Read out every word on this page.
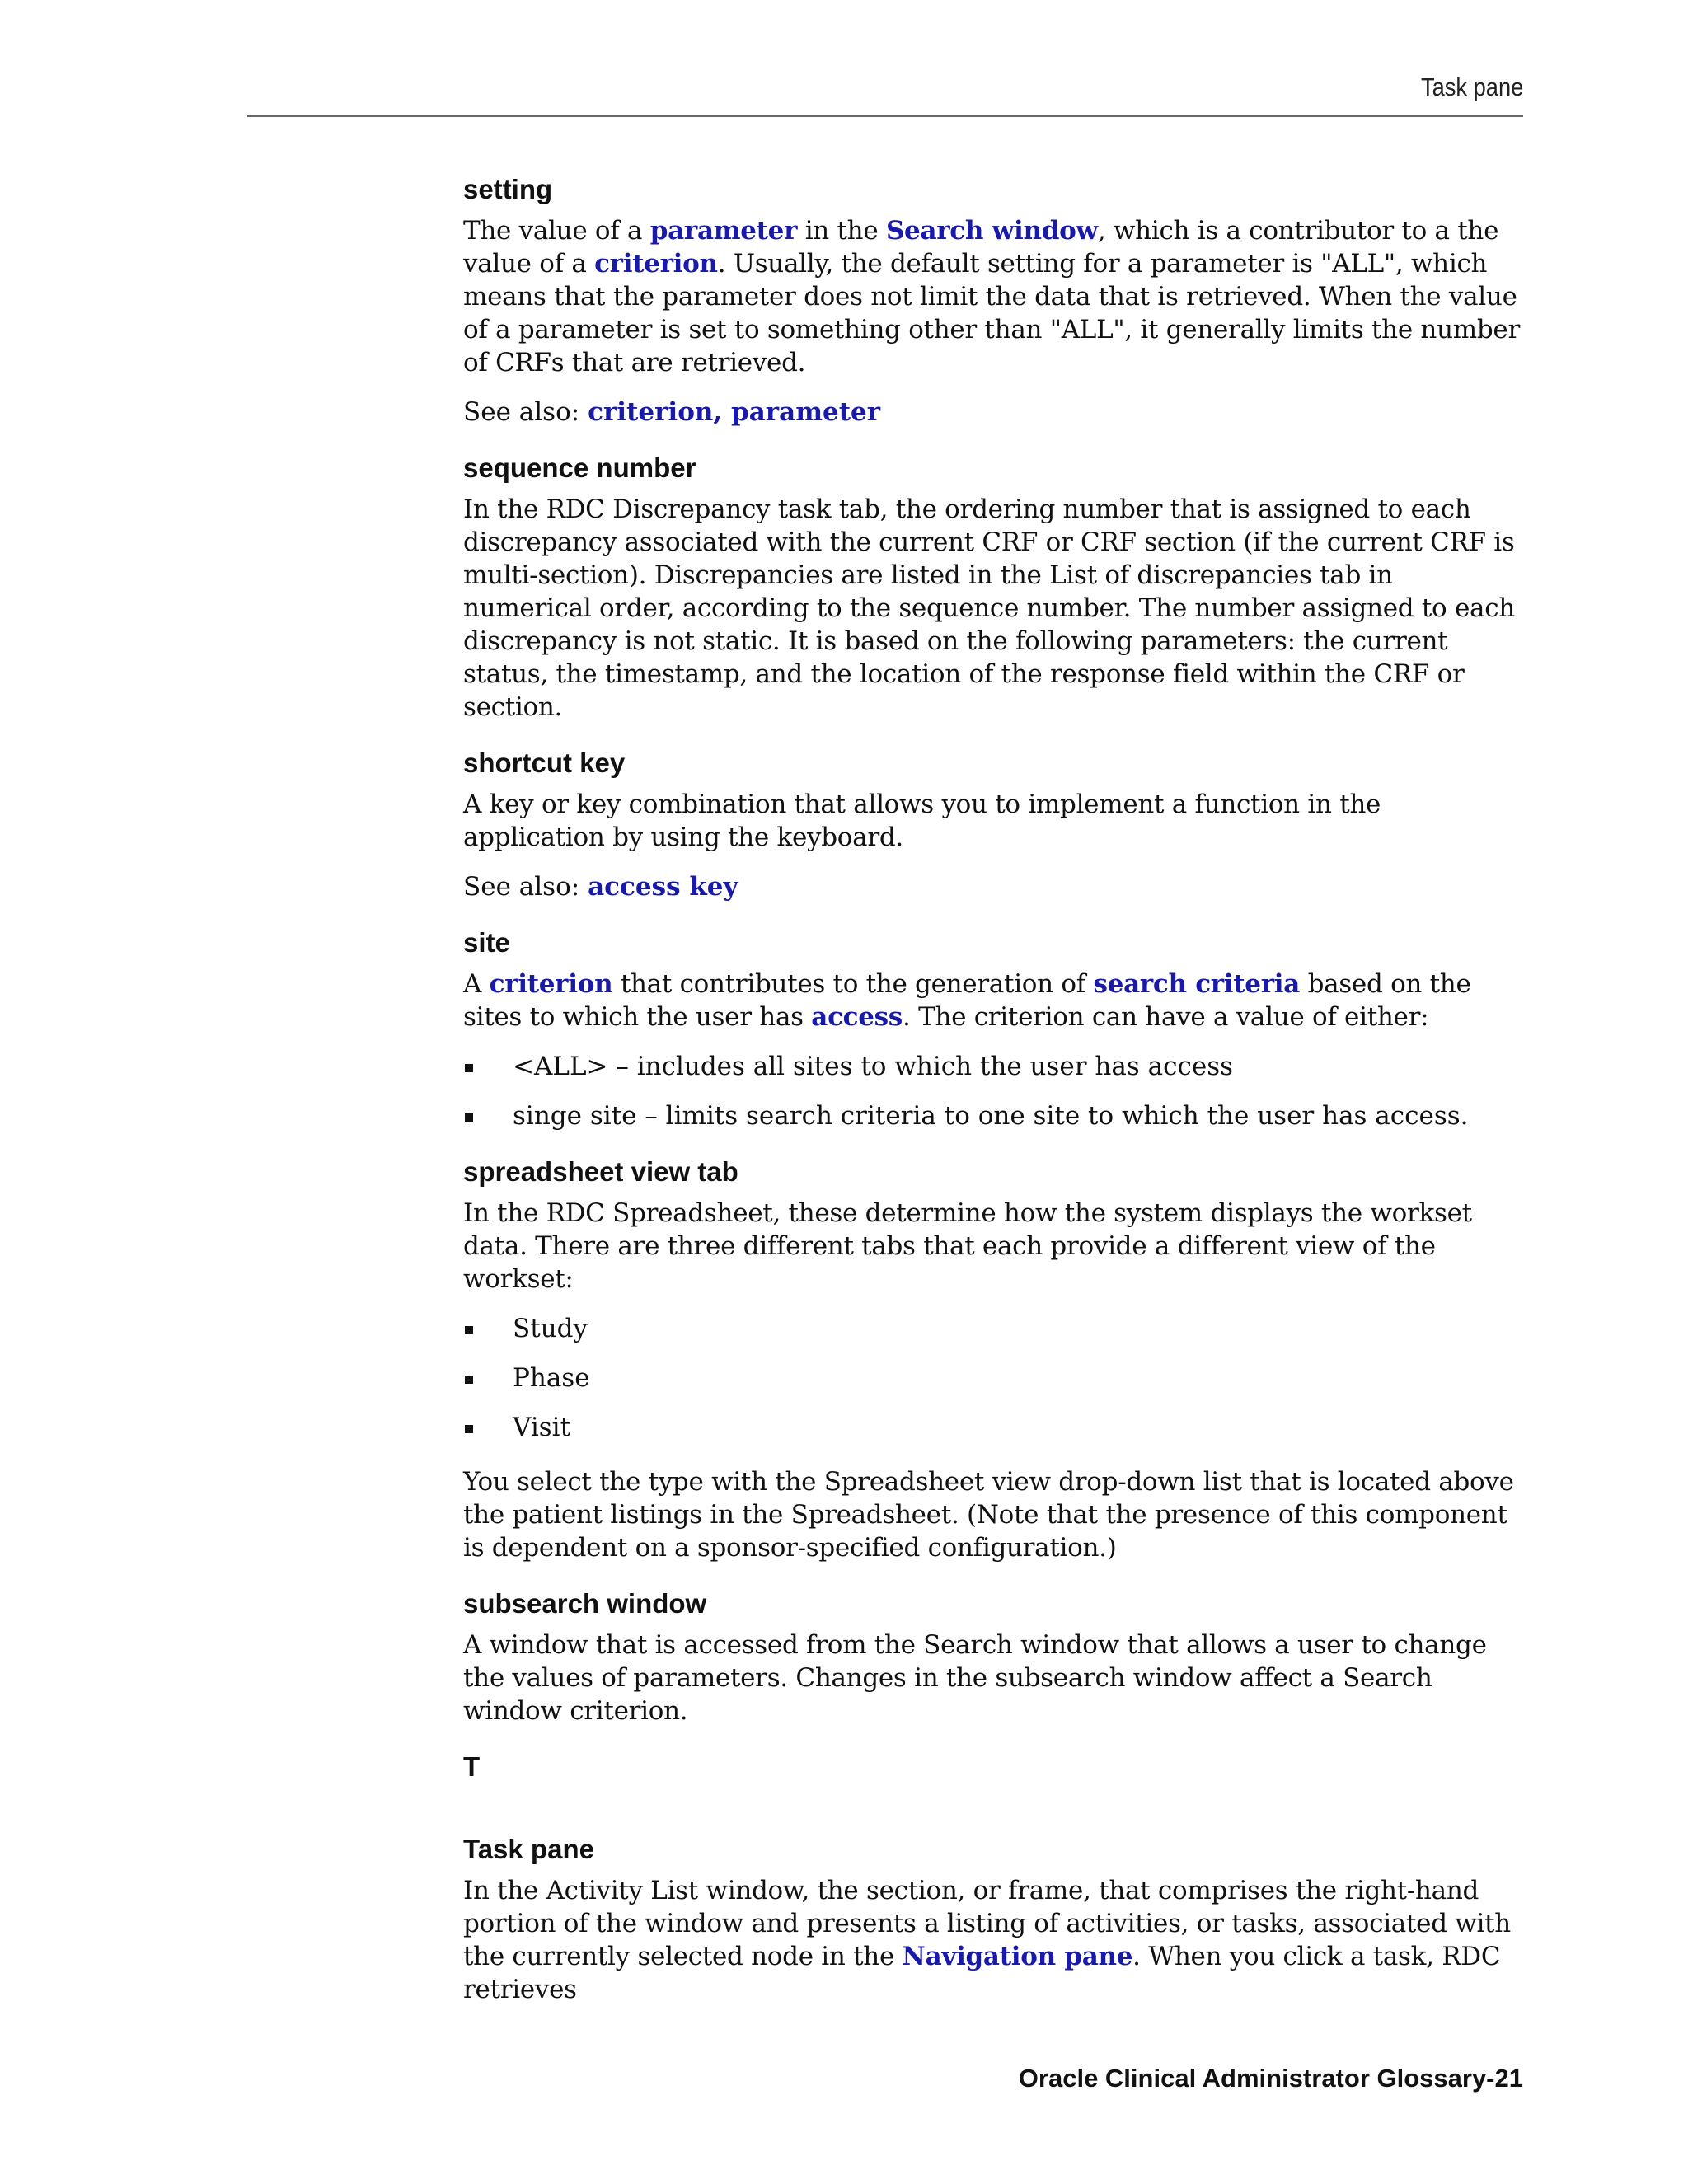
Task pane
setting

The value of a parameter in the Search window, which is a contributor to a the value of a criterion. Usually, the default setting for a parameter is "ALL", which means that the parameter does not limit the data that is retrieved. When the value of a parameter is set to something other than "ALL", it generally limits the number of CRFs that are retrieved.

See also: criterion, parameter

sequence number

In the RDC Discrepancy task tab, the ordering number that is assigned to each discrepancy associated with the current CRF or CRF section (if the current CRF is multi-section). Discrepancies are listed in the List of discrepancies tab in numerical order, according to the sequence number. The number assigned to each discrepancy is not static. It is based on the following parameters: the current status, the timestamp, and the location of the response field within the CRF or section.

shortcut key

A key or key combination that allows you to implement a function in the application by using the keyboard.

See also: access key

site

A criterion that contributes to the generation of search criteria based on the sites to which the user has access. The criterion can have a value of either:

<ALL> – includes all sites to which the user has access
singe site – limits search criteria to one site to which the user has access.
spreadsheet view tab

In the RDC Spreadsheet, these determine how the system displays the workset data. There are three different tabs that each provide a different view of the workset:

Study
Phase
Visit

You select the type with the Spreadsheet view drop-down list that is located above the patient listings in the Spreadsheet. (Note that the presence of this component is dependent on a sponsor-specified configuration.)

subsearch window

A window that is accessed from the Search window that allows a user to change the values of parameters. Changes in the subsearch window affect a Search window criterion.

T
Task pane

In the Activity List window, the section, or frame, that comprises the right-hand portion of the window and presents a listing of activities, or tasks, associated with the currently selected node in the Navigation pane. When you click a task, RDC retrieves

Oracle Clinical Administrator Glossary-21
